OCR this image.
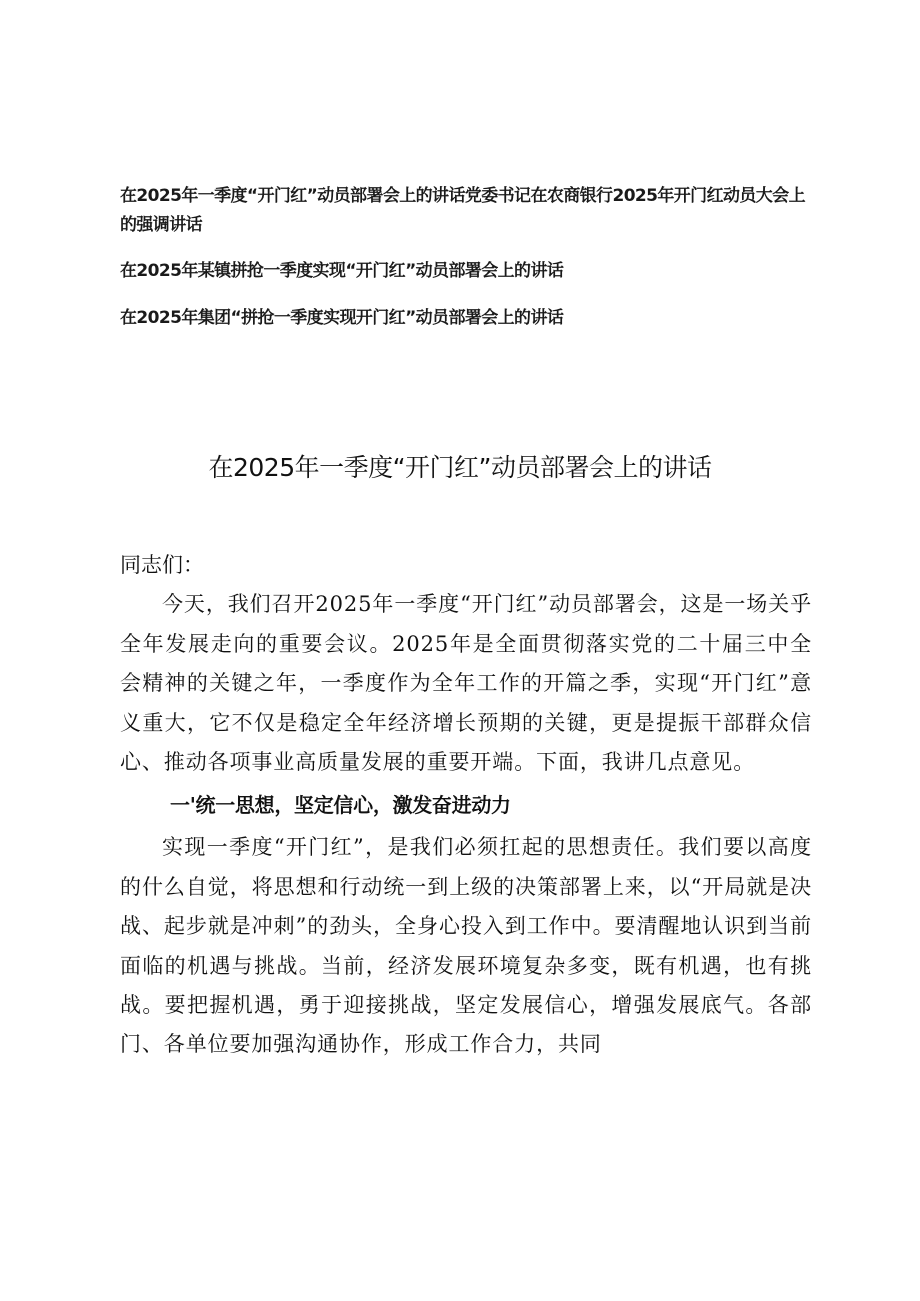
在2025年一季度“开门红”动员部署会上的讲话党委书记在农商银行2025年开门红动员大会上的强调讲话
在2025年某镇拼抢一季度实现“开门红”动员部署会上的讲话
在2025年集团“拼抢一季度实现开门红”动员部署会上的讲话
在2025年一季度“开门红”动员部署会上的讲话

同志们：

今天，我们召开2025年一季度“开门红”动员部署会，这是一场关乎全年发展走向的重要会议。2025年是全面贯彻落实党的二十届三中全会精神的关键之年，一季度作为全年工作的开篇之季，实现“开门红”意义重大，它不仅是稳定全年经济增长预期的关键，更是提振干部群众信心、推动各项事业高质量发展的重要开端。下面，我讲几点意见。

一'统一思想，坚定信心，激发奋进动力

实现一季度“开门红”，是我们必须扛起的思想责任。我们要以高度的什么自觉，将思想和行动统一到上级的决策部署上来，以“开局就是决战、起步就是冲刺”的劲头，全身心投入到工作中。要清醒地认识到当前面临的机遇与挑战。当前，经济发展环境复杂多变，既有机遇，也有挑战。要把握机遇，勇于迎接挑战，坚定发展信心，增强发展底气。各部门、各单位要加强沟通协作，形成工作合力，共同
